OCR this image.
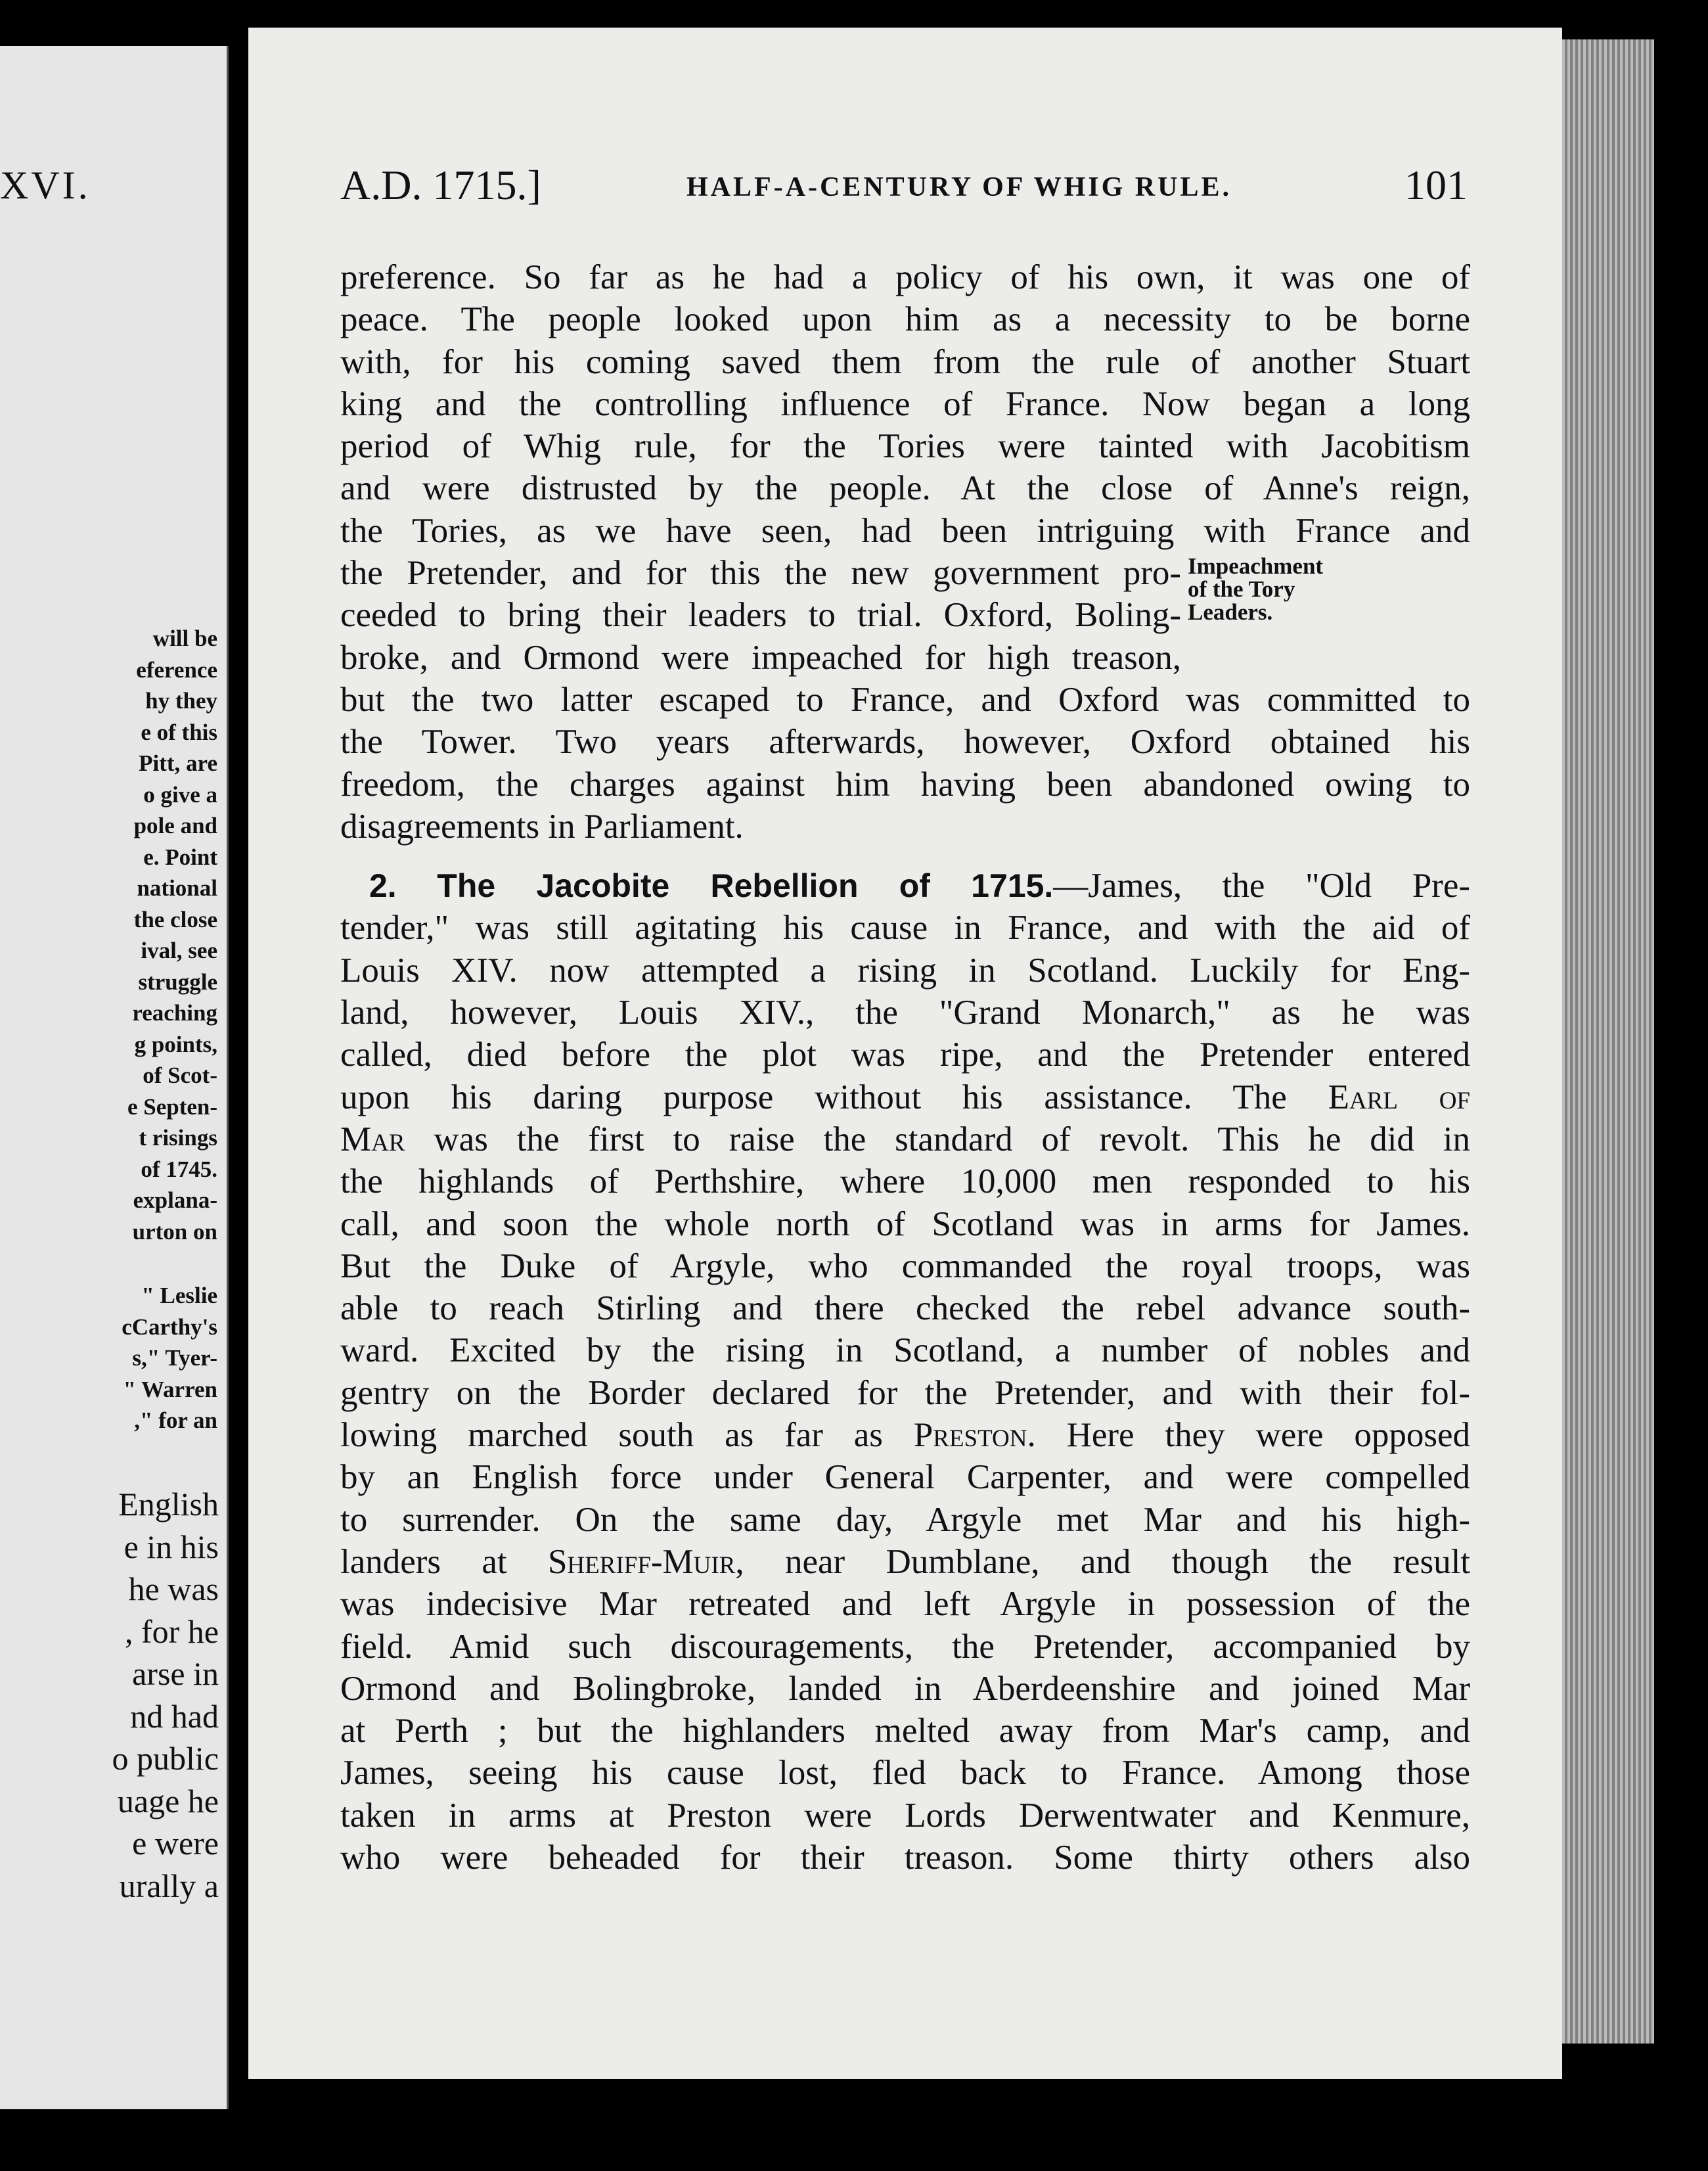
XVI.
will be
eference
hy they
e of this
Pitt, are
o give a
pole and
e. Point
national
the close
ival, see
struggle
reaching
g points,
of Scot-
e Septen-
t risings
of 1745.
explana-
urton on
" Leslie
cCarthy's
s," Tyer-
" Warren
," for an
English
e in his
he was
, for he
arse in
nd had
o public
uage he
e were
urally a
A.D. 1715.]	HALF-A-CENTURY OF WHIG RULE.	101
Impeachment
of the Tory
Leaders.
preference. So far as he had a policy of his own, it was one of
peace. The people looked upon him as a necessity to be borne
with, for his coming saved them from the rule of another Stuart
king and the controlling influence of France. Now began a long
period of Whig rule, for the Tories were tainted with Jacobitism
and were distrusted by the people. At the close of Anne's reign,
the Tories, as we have seen, had been intriguing with France and
the Pretender, and for this the new government pro-
ceeded to bring their leaders to trial. Oxford, Boling-
broke, and Ormond were impeached for high treason,
but the two latter escaped to France, and Oxford was committed to
the Tower. Two years afterwards, however, Oxford obtained his
freedom, the charges against him having been abandoned owing to
disagreements in Parliament.
2. The Jacobite Rebellion of 1715.—James, the "Old Pre-
tender," was still agitating his cause in France, and with the aid of
Louis XIV. now attempted a rising in Scotland. Luckily for Eng-
land, however, Louis XIV., the "Grand Monarch," as he was
called, died before the plot was ripe, and the Pretender entered
upon his daring purpose without his assistance. The Earl of
Mar was the first to raise the standard of revolt. This he did in
the highlands of Perthshire, where 10,000 men responded to his
call, and soon the whole north of Scotland was in arms for James.
But the Duke of Argyle, who commanded the royal troops, was
able to reach Stirling and there checked the rebel advance south-
ward. Excited by the rising in Scotland, a number of nobles and
gentry on the Border declared for the Pretender, and with their fol-
lowing marched south as far as Preston. Here they were opposed
by an English force under General Carpenter, and were compelled
to surrender. On the same day, Argyle met Mar and his high-
landers at Sheriff-Muir, near Dumblane, and though the result
was indecisive Mar retreated and left Argyle in possession of the
field. Amid such discouragements, the Pretender, accompanied by
Ormond and Bolingbroke, landed in Aberdeenshire and joined Mar
at Perth ; but the highlanders melted away from Mar's camp, and
James, seeing his cause lost, fled back to France. Among those
taken in arms at Preston were Lords Derwentwater and Kenmure,
who were beheaded for their treason. Some thirty others also
